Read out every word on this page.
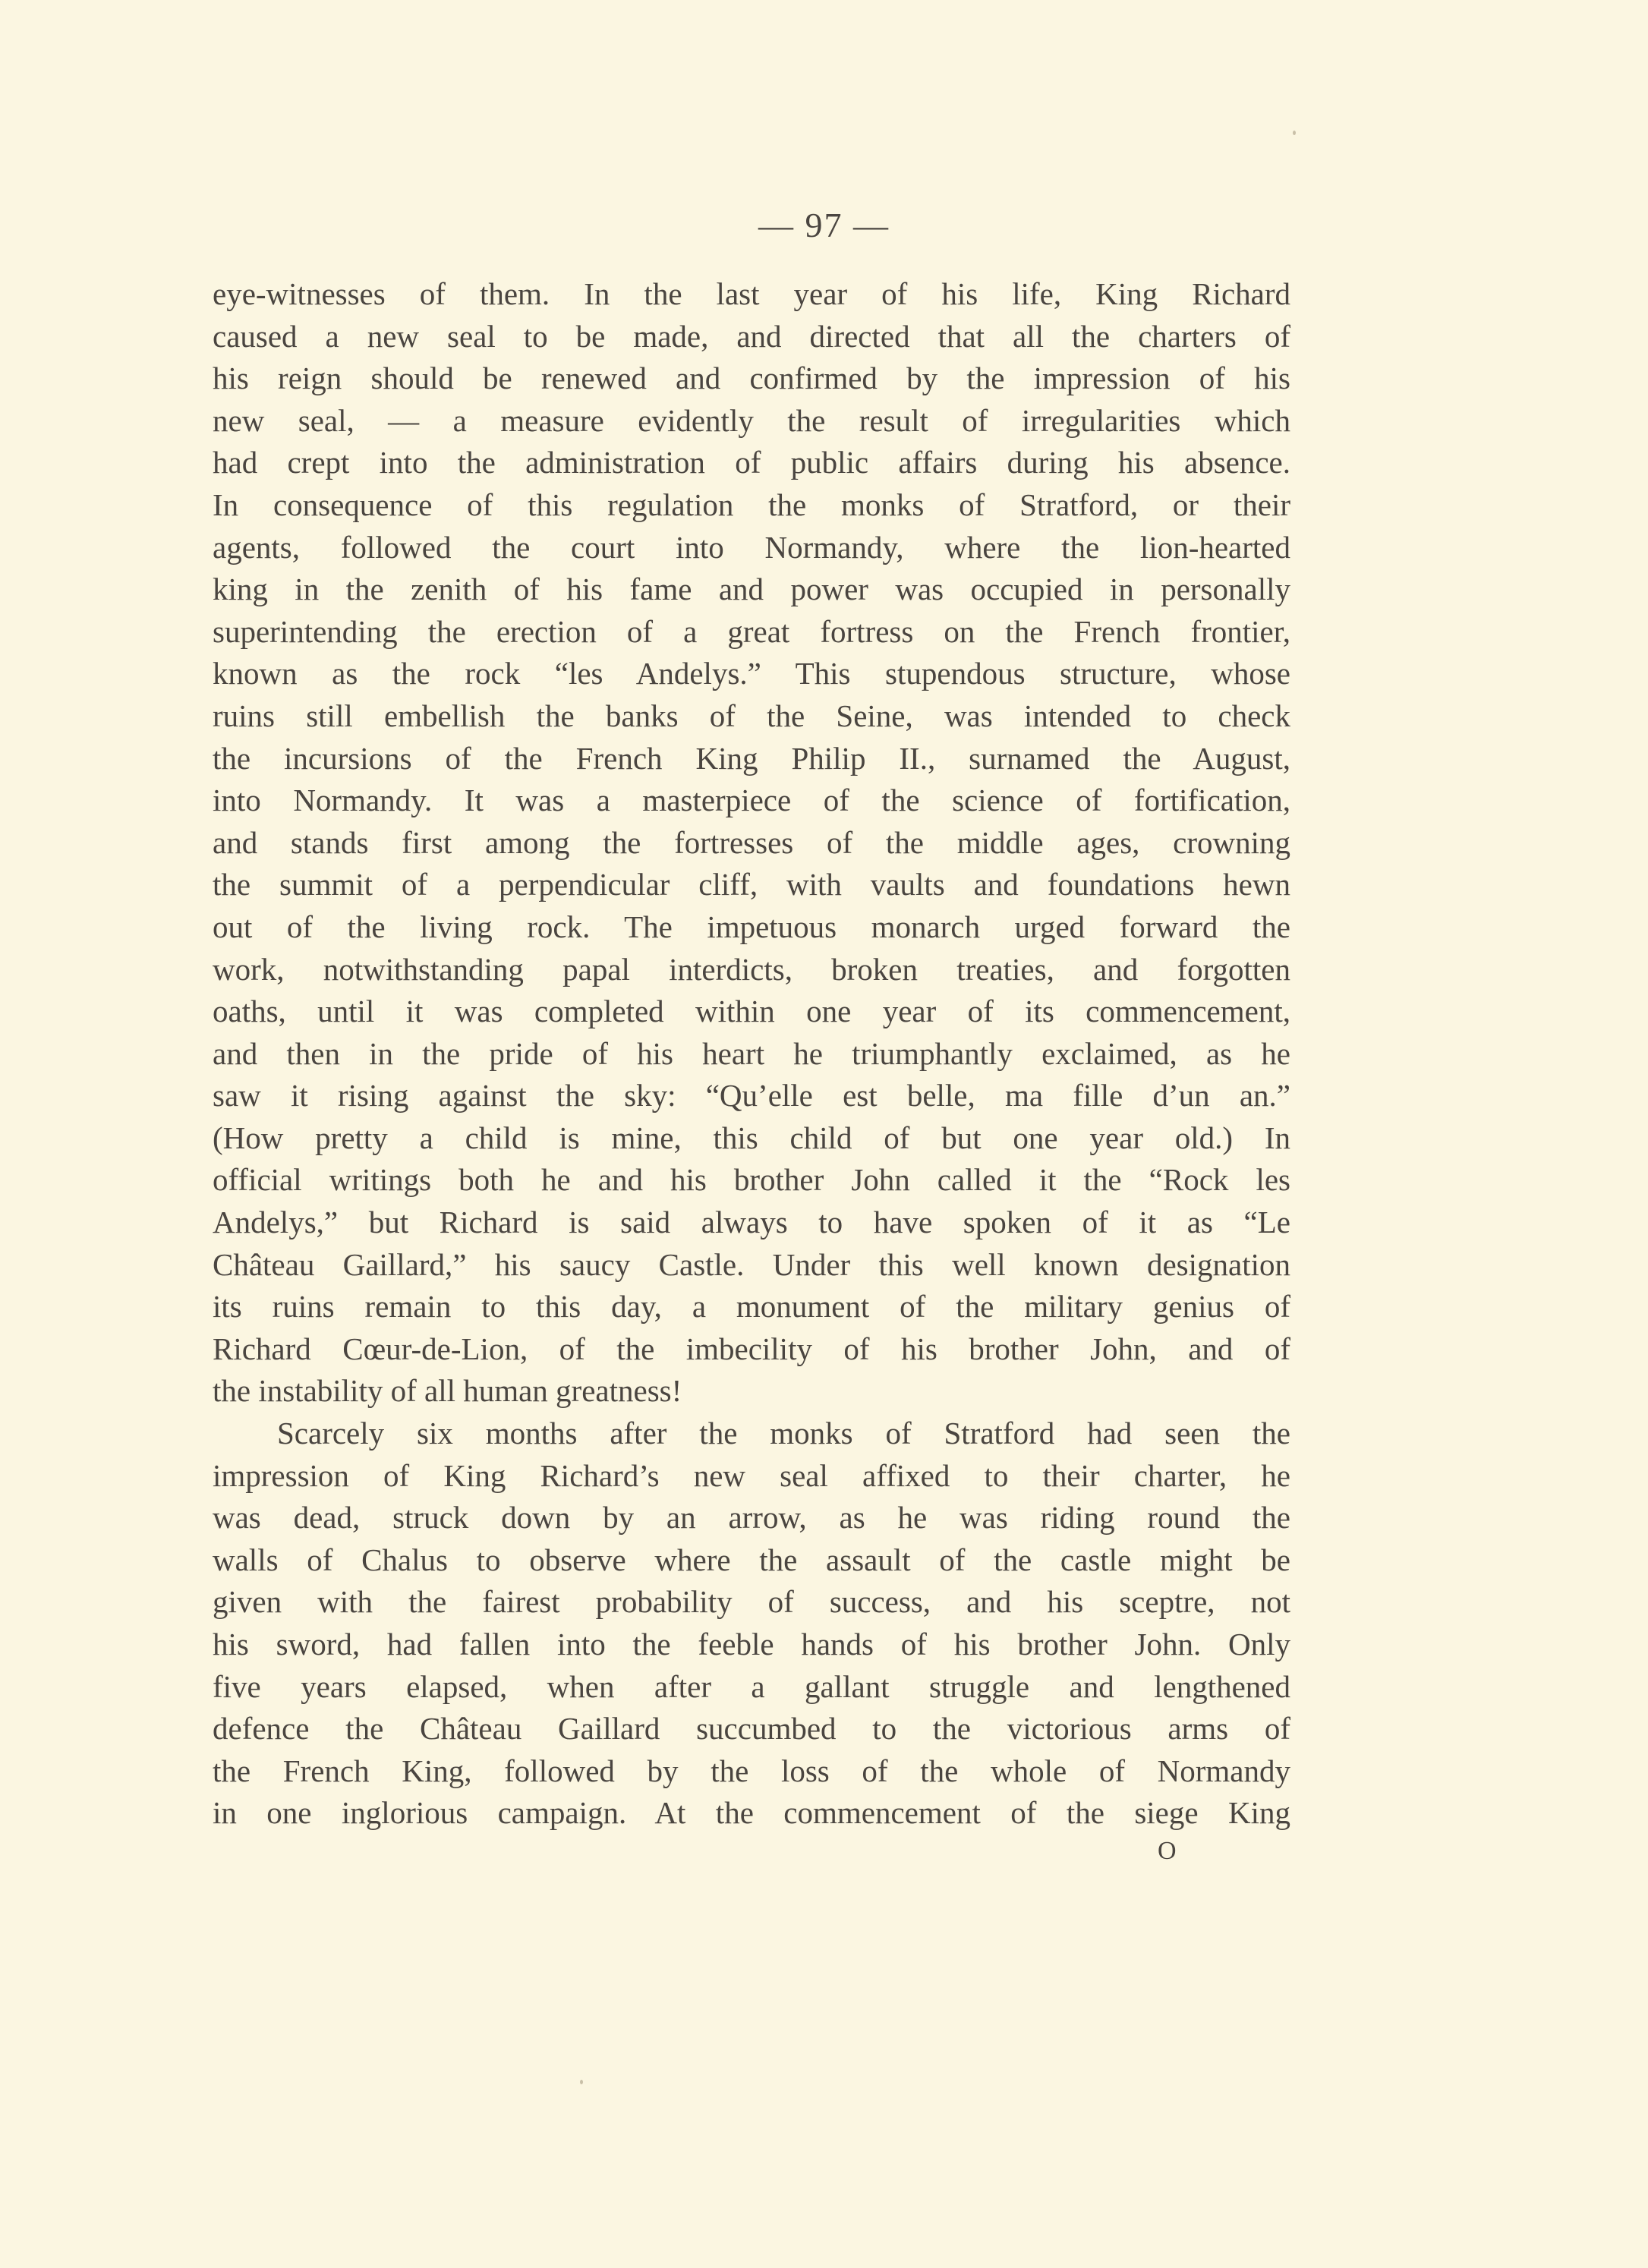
— 97 —
eye-witnesses of them. In the last year of his life, King Richard
caused a new seal to be made, and directed that all the charters of
his reign should be renewed and confirmed by the impression of his
new seal, — a measure evidently the result of irregularities which
had crept into the administration of public affairs during his absence.
In consequence of this regulation the monks of Stratford, or their
agents, followed the court into Normandy, where the lion-hearted
king in the zenith of his fame and power was occupied in personally
superintending the erection of a great fortress on the French frontier,
known as the rock “les Andelys.” This stupendous structure, whose
ruins still embellish the banks of the Seine, was intended to check
the incursions of the French King Philip II., surnamed the August,
into Normandy. It was a masterpiece of the science of fortification,
and stands first among the fortresses of the middle ages, crowning
the summit of a perpendicular cliff, with vaults and foundations hewn
out of the living rock. The impetuous monarch urged forward the
work, notwithstanding papal interdicts, broken treaties, and forgotten
oaths, until it was completed within one year of its commencement,
and then in the pride of his heart he triumphantly exclaimed, as he
saw it rising against the sky: “Qu’elle est belle, ma fille d’un an.”
(How pretty a child is mine, this child of but one year old.) In
official writings both he and his brother John called it the “Rock les
Andelys,” but Richard is said always to have spoken of it as “Le
Château Gaillard,” his saucy Castle. Under this well known designation
its ruins remain to this day, a monument of the military genius of
Richard Cœur-de-Lion, of the imbecility of his brother John, and of
the instability of all human greatness!
Scarcely six months after the monks of Stratford had seen the
impression of King Richard’s new seal affixed to their charter, he
was dead, struck down by an arrow, as he was riding round the
walls of Chalus to observe where the assault of the castle might be
given with the fairest probability of success, and his sceptre, not
his sword, had fallen into the feeble hands of his brother John. Only
five years elapsed, when after a gallant struggle and lengthened
defence the Château Gaillard succumbed to the victorious arms of
the French King, followed by the loss of the whole of Normandy
in one inglorious campaign. At the commencement of the siege King
O
